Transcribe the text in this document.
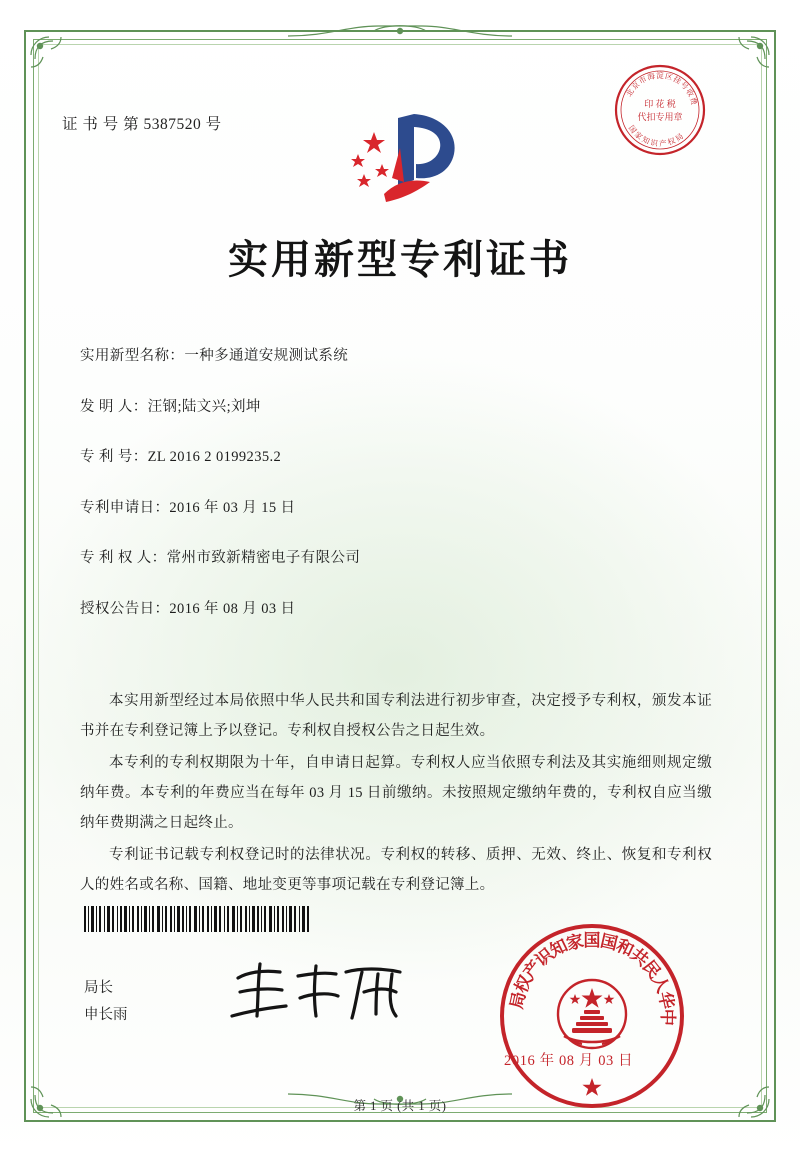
证 书 号 第 5387520 号
北
京
市
海 淀 区
挂
号
收
费
国
家
知
识 产 权
局
印 花 税
代扣专用章
实用新型专利证书
实用新型名称：一种多通道安规测试系统
发 明 人：汪钢;陆文兴;刘坤
专 利 号：ZL 2016 2 0199235.2
专利申请日：2016 年 03 月 15 日
专 利 权 人：常州市致新精密电子有限公司
授权公告日：2016 年 08 月 03 日

本实用新型经过本局依照中华人民共和国专利法进行初步审查，决定授予专利权，颁发本证书并在专利登记簿上予以登记。专利权自授权公告之日起生效。

本专利的专利权期限为十年，自申请日起算。专利权人应当依照专利法及其实施细则规定缴纳年费。本专利的年费应当在每年 03 月 15 日前缴纳。未按照规定缴纳年费的，专利权自应当缴纳年费期满之日起终止。

专利证书记载专利权登记时的法律状况。专利权的转移、质押、无效、终止、恢复和专利权人的姓名或名称、国籍、地址变更等事项记载在专利登记簿上。

局长
申长雨
局
权
产
识
知
家
国
国
和
共
民
人
华
中
2016 年 08 月 03 日
第 1 页 (共 1 页)
